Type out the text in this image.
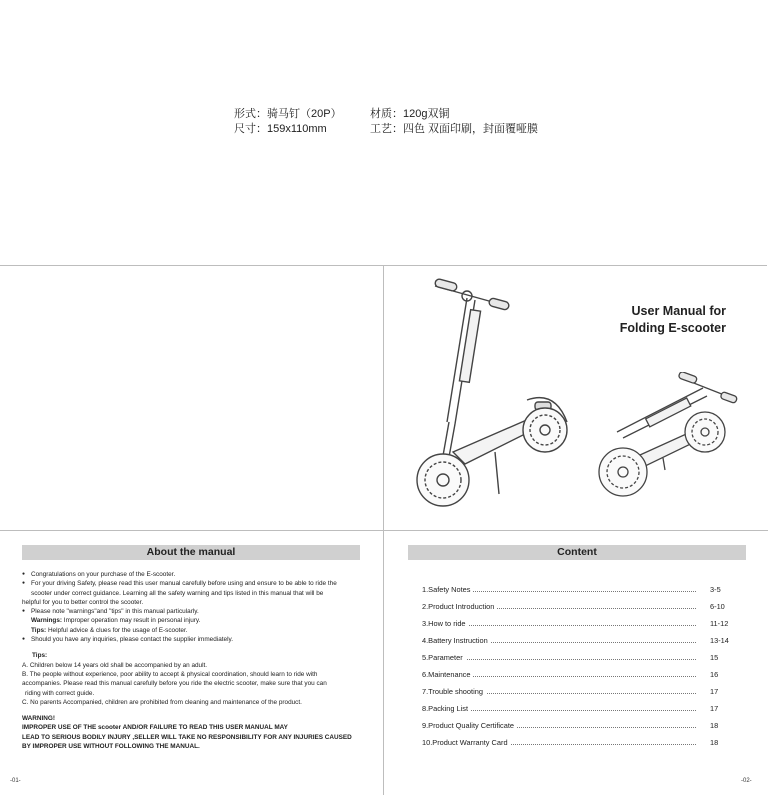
形式：骑马钉（20P）
尺寸：159x110mm
材质：120g双铜
工艺：四色 双面印刷，封面覆哑膜
User Manual for
Folding E-scooter
About the manual
● Congratulations on your purchase of the E-scooter.
● For your driving Safety, please read this user manual carefully before using and ensure to be able to ride the
scooter under correct guidance. Learning all the safety warning and tips listed in this manual that will be
helpful for you to better control the scooter.
● Please note "warnings"and "tips" in this manual particularly.
Warnings: Improper operation may result in personal injury.
Tips: Helpful advice & clues for the usage of E-scooter.
● Should you have any inquiries, please contact the supplier immediately.
Tips:
A. Children below 14 years old shall be accompanied by an adult.
B. The people without experience, poor ability to accept & physical coordination, should learn to ride with
accompanies. Please read this manual carefully before you ride the electric scooter, make sure that you can
riding with correct guide.
C. No parents Accompanied, children are prohibited from cleaning and maintenance of the product.
WARNING!
IMPROPER USE OF THE scooter AND/OR FAILURE TO READ THIS USER MANUAL MAY
LEAD TO SERIOUS BODILY INJURY ,SELLER WILL TAKE NO RESPONSIBILITY FOR ANY INJURIES CAUSED
BY IMPROPER USE WITHOUT FOLLOWING THE MANUAL.
Content
1.Safety Notes	3-5
2.Product Introduction	6-10
3.How to ride	11-12
4.Battery Instruction	13-14
5.Parameter	15
6.Maintenance	16
7.Trouble shooting	17
8.Packing List	17
9.Product Quality Certificate	18
10.Product Warranty Card	18
-01-	-02-
